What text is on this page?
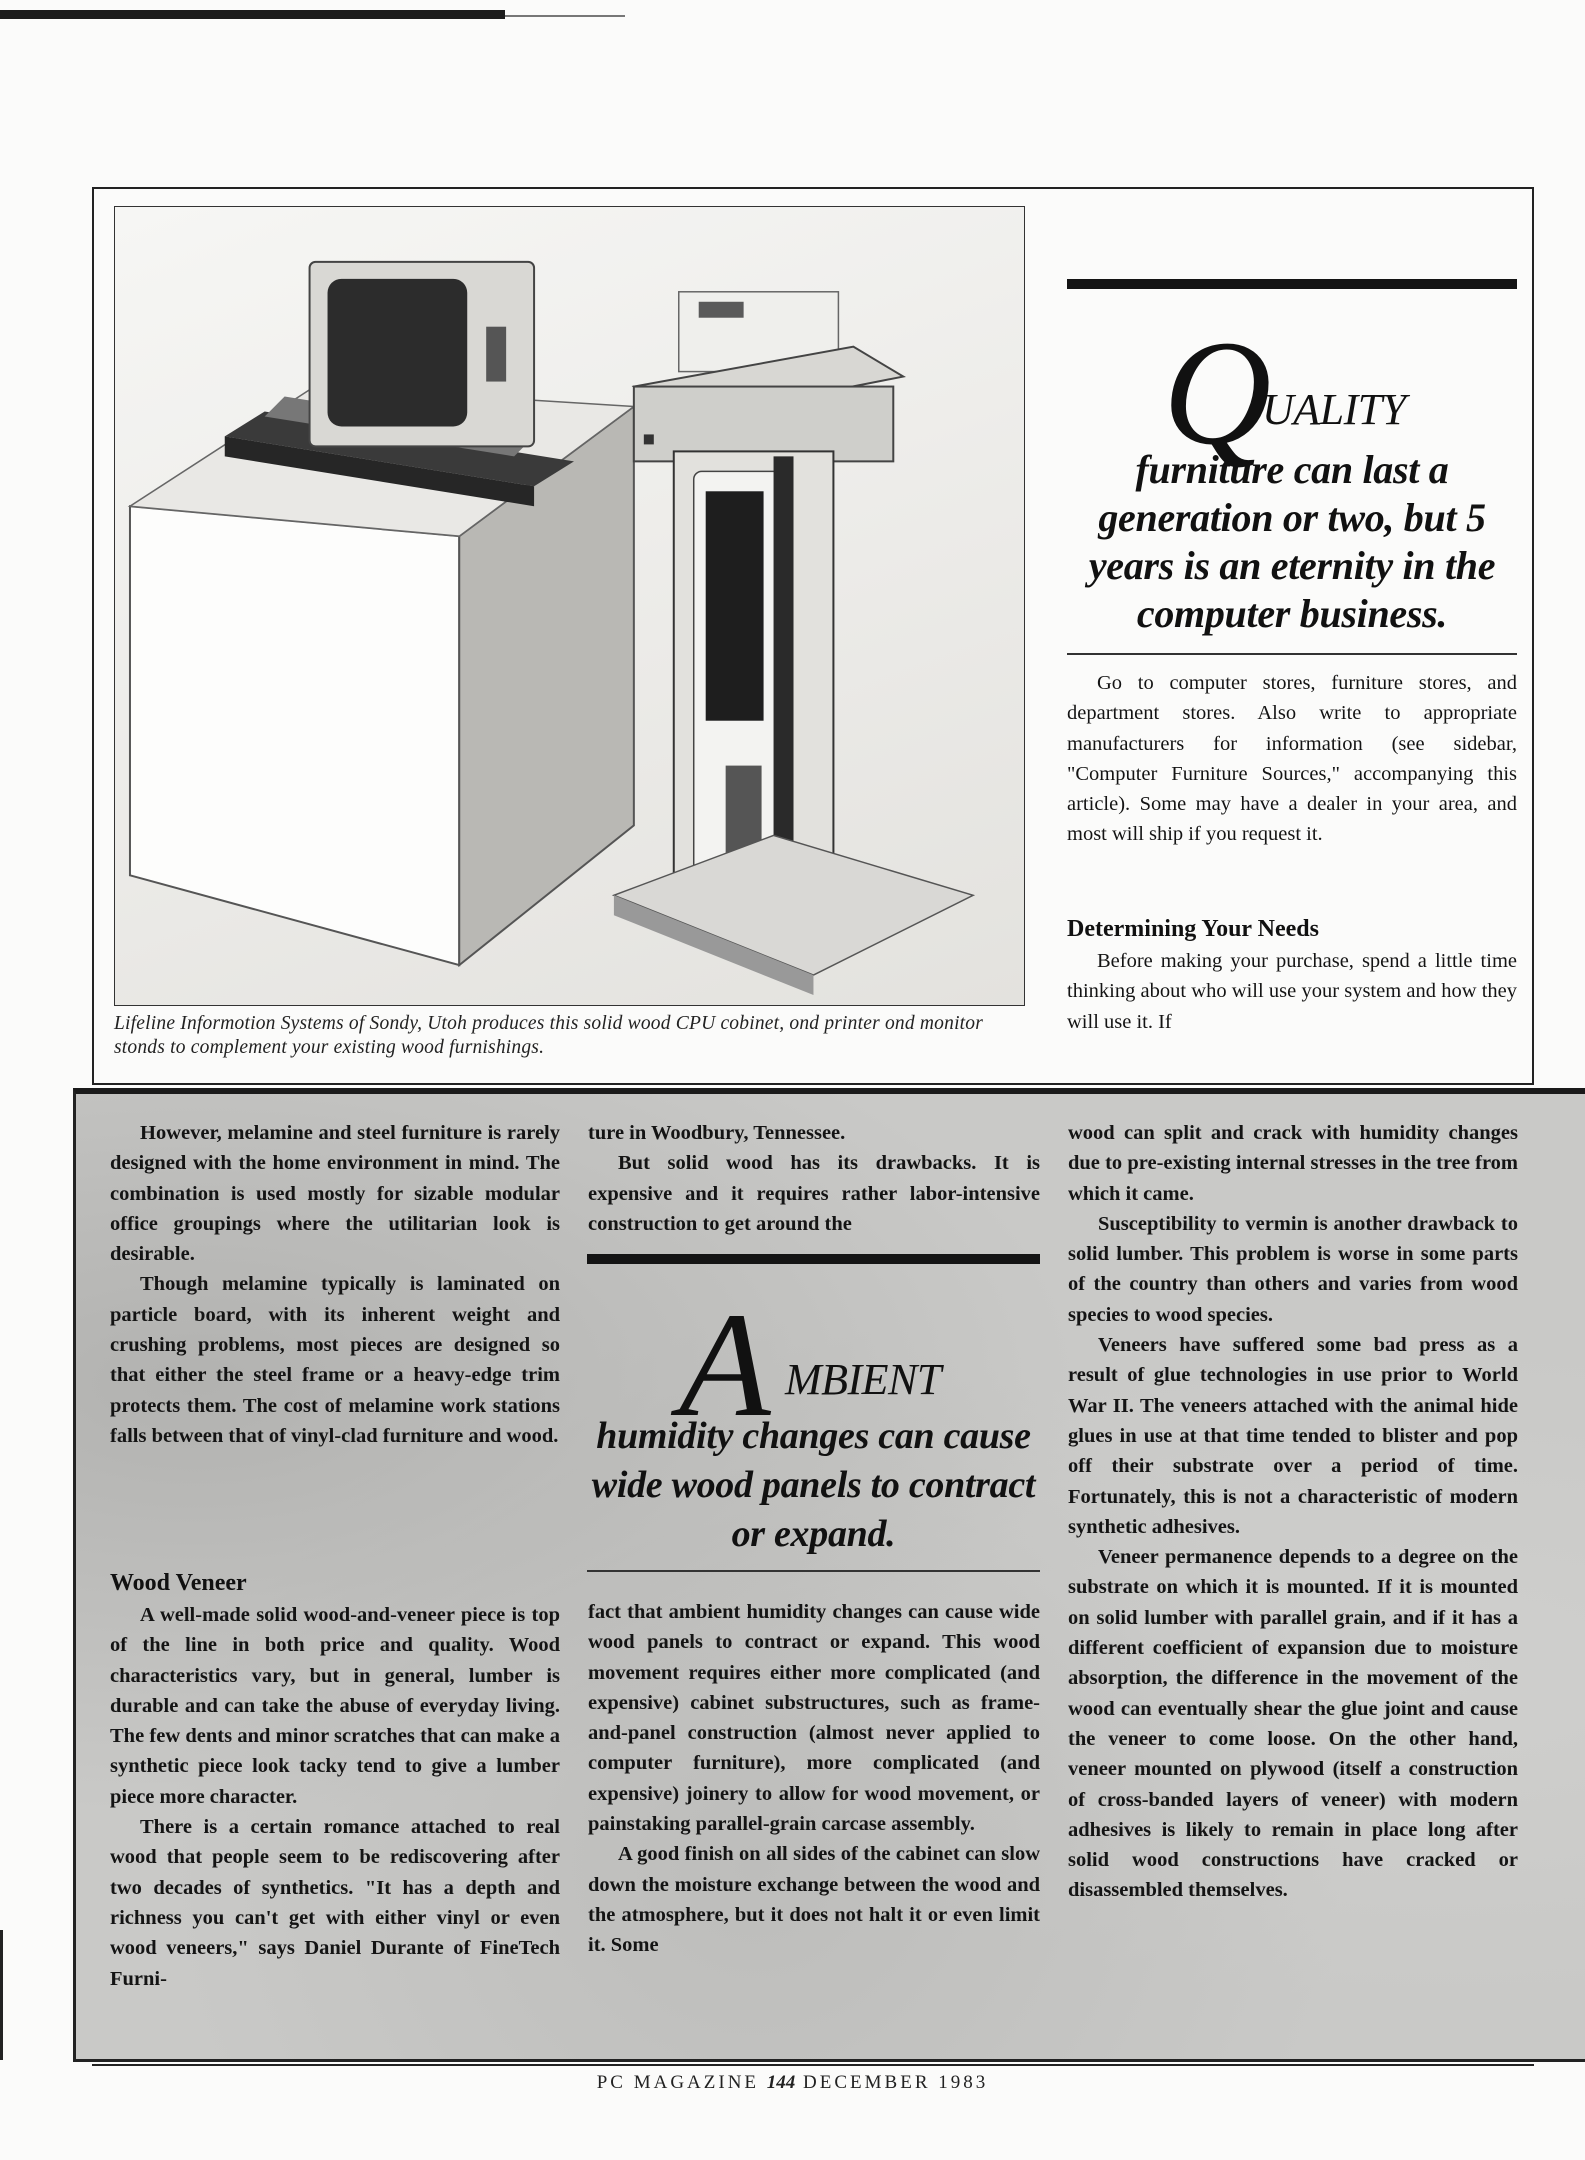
Lifeline Informotion Systems of Sondy, Utoh produces this solid wood CPU cobinet, ond printer ond monitor stonds to complement your existing wood furnishings.
Q
UALITY
furniture can last a generation or two, but 5 years is an eternity in the computer business.

Go to computer stores, furniture stores, and department stores. Also write to appropriate manufacturers for information (see sidebar, "Computer Furniture Sources," accompanying this article). Some may have a dealer in your area, and most will ship if you request it.

Determining Your Needs

Before making your purchase, spend a little time thinking about who will use your system and how they will use it. If

However, melamine and steel furniture is rarely designed with the home environment in mind. The combination is used mostly for sizable modular office groupings where the utilitarian look is desirable.

Though melamine typically is laminated on particle board, with its inherent weight and crushing problems, most pieces are designed so that either the steel frame or a heavy-edge trim protects them. The cost of melamine work stations falls between that of vinyl-clad furniture and wood.

Wood Veneer

A well-made solid wood-and-veneer piece is top of the line in both price and quality. Wood characteristics vary, but in general, lumber is durable and can take the abuse of everyday living. The few dents and minor scratches that can make a synthetic piece look tacky tend to give a lumber piece more character.

There is a certain romance attached to real wood that people seem to be rediscovering after two decades of synthetics. "It has a depth and richness you can't get with either vinyl or even wood veneers," says Daniel Durante of FineTech Furni-

ture in Woodbury, Tennessee.

But solid wood has its drawbacks. It is expensive and it requires rather labor-intensive construction to get around the

A MBIENT
humidity changes can cause wide wood panels to contract or expand.

fact that ambient humidity changes can cause wide wood panels to contract or expand. This wood movement requires either more complicated (and expensive) cabinet substructures, such as frame-and-panel construction (almost never applied to computer furniture), more complicated (and expensive) joinery to allow for wood movement, or painstaking parallel-grain carcase assembly.

A good finish on all sides of the cabinet can slow down the moisture exchange between the wood and the atmosphere, but it does not halt it or even limit it. Some

wood can split and crack with humidity changes due to pre-existing internal stresses in the tree from which it came.

Susceptibility to vermin is another drawback to solid lumber. This problem is worse in some parts of the country than others and varies from wood species to wood species.

Veneers have suffered some bad press as a result of glue technologies in use prior to World War II. The veneers attached with the animal hide glues in use at that time tended to blister and pop off their substrate over a period of time. Fortunately, this is not a characteristic of modern synthetic adhesives.

Veneer permanence depends to a degree on the substrate on which it is mounted. If it is mounted on solid lumber with parallel grain, and if it has a different coefficient of expansion due to moisture absorption, the difference in the movement of the wood can eventually shear the glue joint and cause the veneer to come loose. On the other hand, veneer mounted on plywood (itself a construction of cross-banded layers of veneer) with modern adhesives is likely to remain in place long after solid wood constructions have cracked or disassembled themselves.

PC MAGAZINE 144 DECEMBER 1983
